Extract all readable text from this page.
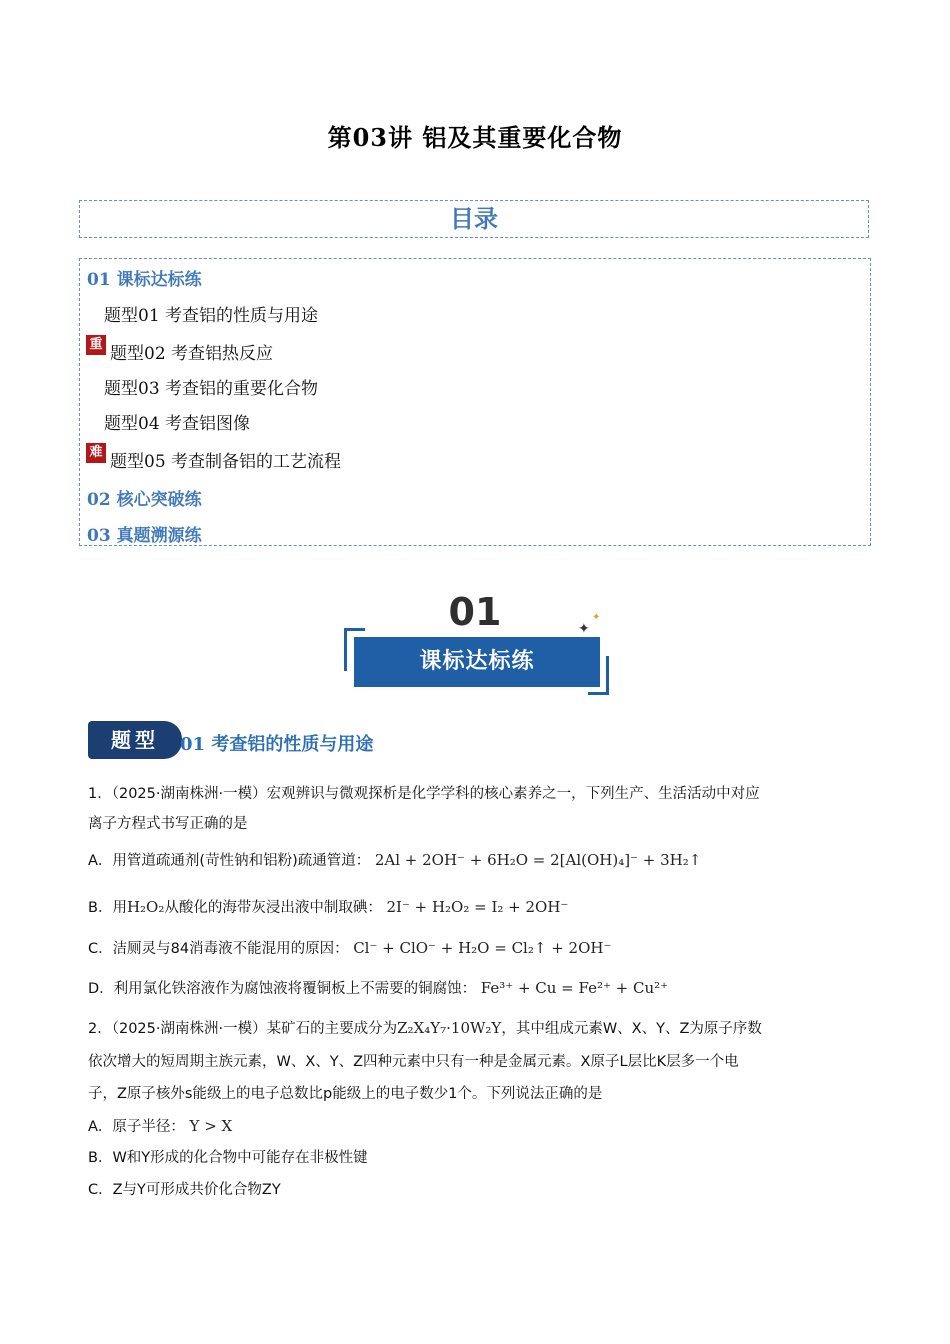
第03讲 铝及其重要化合物
目录
01 课标达标练
题型01 考查铝的性质与用途
重 题型02 考查铝热反应
题型03 考查铝的重要化合物
题型04 考查铝图像
难 题型05 考查制备铝的工艺流程
02 核心突破练
03 真题溯源练
01
课标达标练
✦
✦
题型	01 考查铝的性质与用途
1．（2025·湖南株洲·一模）宏观辨识与微观探析是化学学科的核心素养之一，下列生产、生活活动中对应
离子方程式书写正确的是
A．用管道疏通剂(苛性钠和铝粉)疏通管道： 2Al + 2OH⁻ + 6H₂O = 2[Al(OH)₄]⁻ + 3H₂↑
B．用H₂O₂从酸化的海带灰浸出液中制取碘： 2I⁻ + H₂O₂ = I₂ + 2OH⁻
C．洁厕灵与84消毒液不能混用的原因： Cl⁻ + ClO⁻ + H₂O = Cl₂↑ + 2OH⁻
D．利用氯化铁溶液作为腐蚀液将覆铜板上不需要的铜腐蚀： Fe³⁺ + Cu = Fe²⁺ + Cu²⁺
2．（2025·湖南株洲·一模）某矿石的主要成分为Z₂X₄Y₇·10W₂Y，其中组成元素W、X、Y、Z为原子序数
依次增大的短周期主族元素，W、X、Y、Z四种元素中只有一种是金属元素。X原子L层比K层多一个电
子，Z原子核外s能级上的电子总数比p能级上的电子数少1个。下列说法正确的是
A．原子半径： Y > X
B．W和Y形成的化合物中可能存在非极性键
C．Z与Y可形成共价化合物ZY
